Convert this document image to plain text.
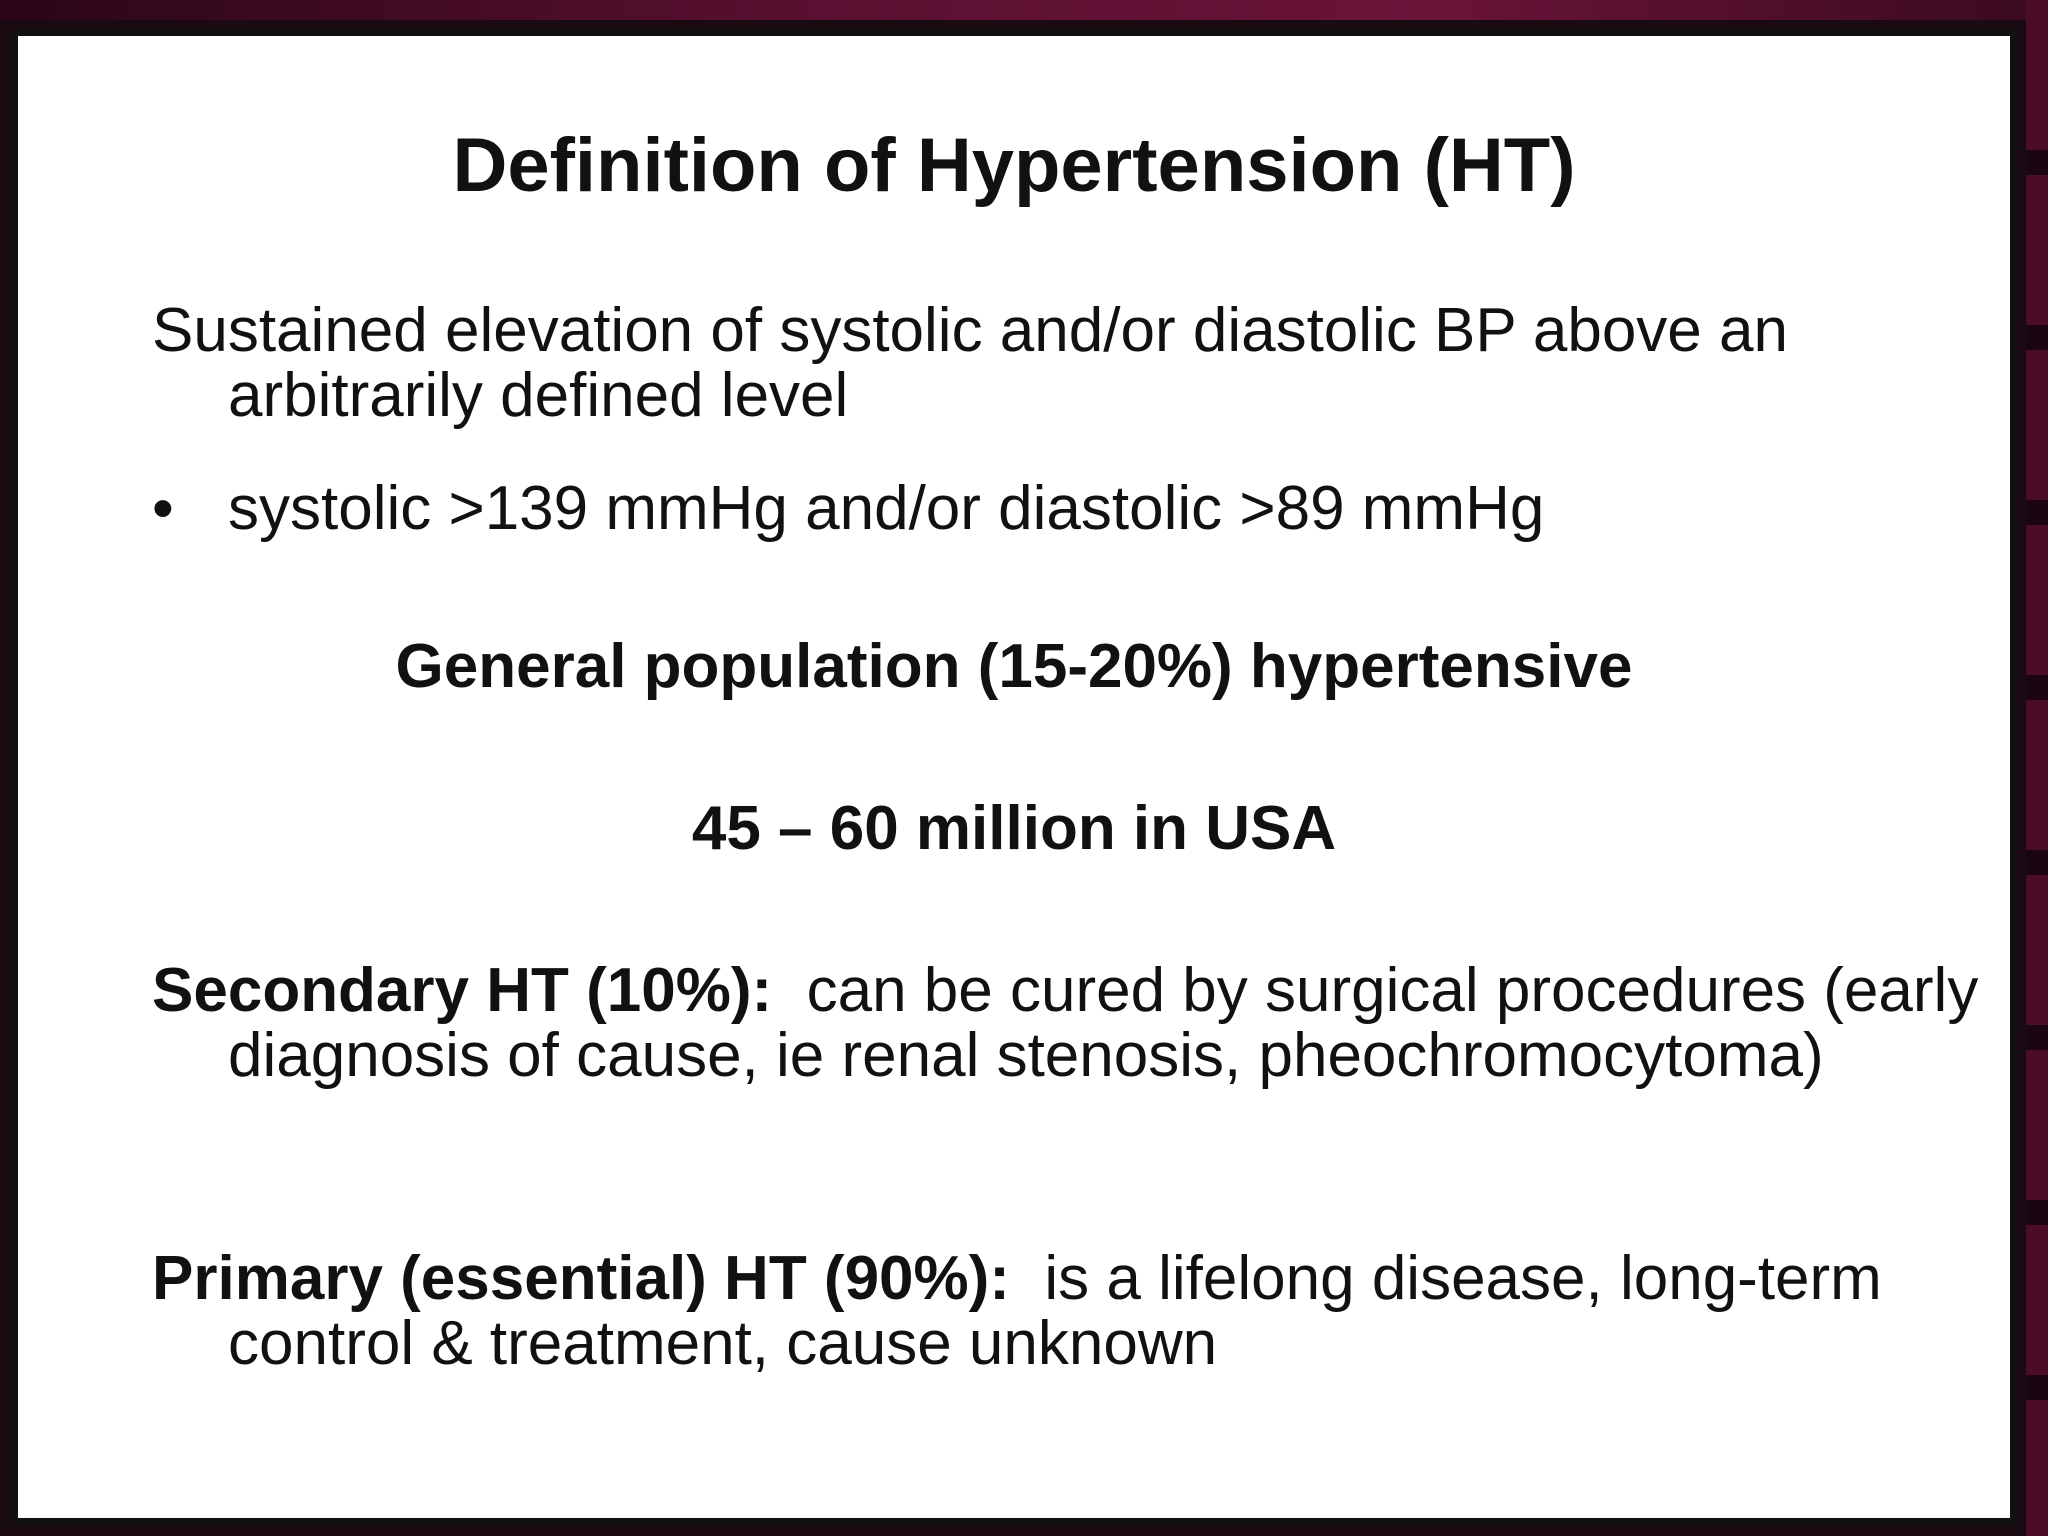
Definition of Hypertension (HT)

Sustained elevation of systolic and/or diastolic BP above an arbitrarily defined level

• systolic >139 mmHg and/or diastolic >89 mmHg

General population (15-20%) hypertensive

45 – 60 million in USA

Secondary HT (10%): can be cured by surgical procedures (early diagnosis of cause, ie renal stenosis, pheochromocytoma)

Primary (essential) HT (90%): is a lifelong disease, long-term control & treatment, cause unknown
